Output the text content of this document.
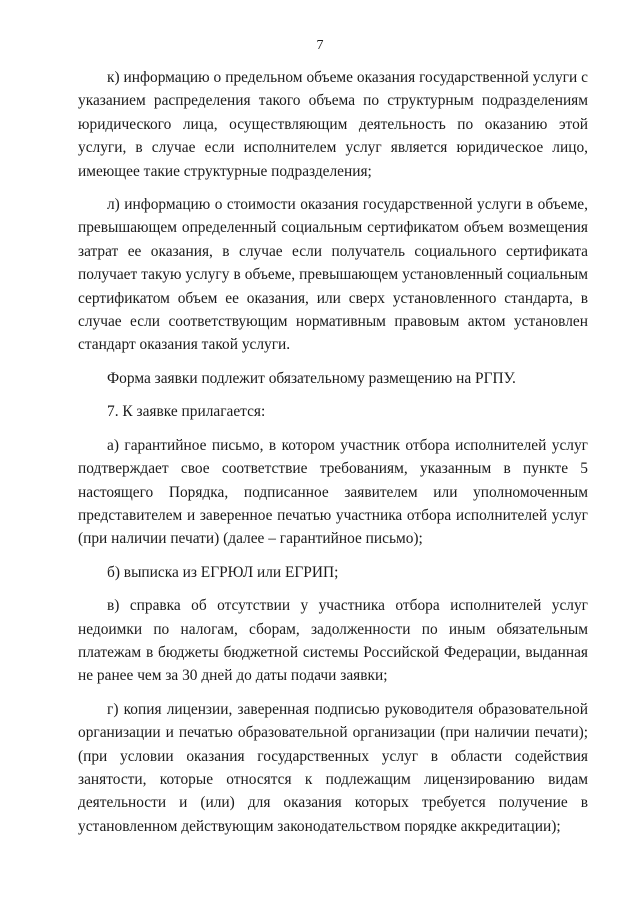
7

к) информацию о предельном объеме оказания государственной услуги с указанием распределения такого объема по структурным подразделениям юридического лица, осуществляющим деятельность по оказанию этой услуги, в случае если исполнителем услуг является юридическое лицо, имеющее такие структурные подразделения;

л) информацию о стоимости оказания государственной услуги в объеме, превышающем определенный социальным сертификатом объем возмещения затрат ее оказания, в случае если получатель социального сертификата получает такую услугу в объеме, превышающем установленный социальным сертификатом объем ее оказания, или сверх установленного стандарта, в случае если соответствующим нормативным правовым актом установлен стандарт оказания такой услуги.

Форма заявки подлежит обязательному размещению на РГПУ.

7. К заявке прилагается:

а) гарантийное письмо, в котором участник отбора исполнителей услуг подтверждает свое соответствие требованиям, указанным в пункте 5 настоящего Порядка, подписанное заявителем или уполномоченным представителем и заверенное печатью участника отбора исполнителей услуг (при наличии печати) (далее – гарантийное письмо);

б) выписка из ЕГРЮЛ или ЕГРИП;

в) справка об отсутствии у участника отбора исполнителей услуг недоимки по налогам, сборам, задолженности по иным обязательным платежам в бюджеты бюджетной системы Российской Федерации, выданная не ранее чем за 30 дней до даты подачи заявки;

г) копия лицензии, заверенная подписью руководителя образовательной организации и печатью образовательной организации (при наличии печати); (при условии оказания государственных услуг в области содействия занятости, которые относятся к подлежащим лицензированию видам деятельности и (или) для оказания которых требуется получение в установленном действующим законодательством порядке аккредитации);
